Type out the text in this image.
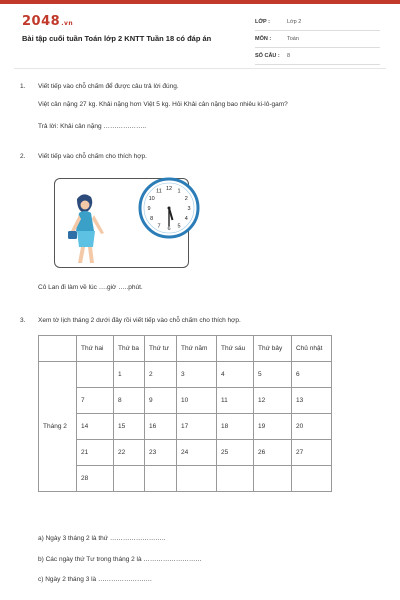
2048.vn
Bài tập cuối tuần Toán lớp 2 KNTT Tuần 18 có đáp án
LỚP :	Lớp 2
MÔN :	Toán
SỐ CÂU :	8
1. Viết tiếp vào chỗ chấm để được câu trả lời đúng.
Việt cân nặng 27 kg. Khải nặng hơn Việt 5 kg. Hỏi Khải cân nặng bao nhiêu ki-lô-gam?
Trả lời: Khải cân nặng ………………..
2. Viết tiếp vào chỗ chấm cho thích hợp.
12 1
2
3
4
5
6
7
8
9
10
11
Cô Lan đi làm về lúc ….giờ …..phút.
3. Xem tờ lịch tháng 2 dưới đây rồi viết tiếp vào chỗ chấm cho thích hợp.
	Thứ hai	Thứ ba	Thứ tư	Thứ năm	Thứ sáu	Thứ bảy	Chủ nhật
Tháng 2		1	2	3	4	5	6
	7	8	9	10	11	12	13
	14	15	16	17	18	19	20
	21	22	23	24	25	26	27
	28						
a) Ngày 3 tháng 2 là thứ ……………………..
b) Các ngày thứ Tư trong tháng 2 là ………………………
c) Ngày 2 tháng 3 là …………………….
